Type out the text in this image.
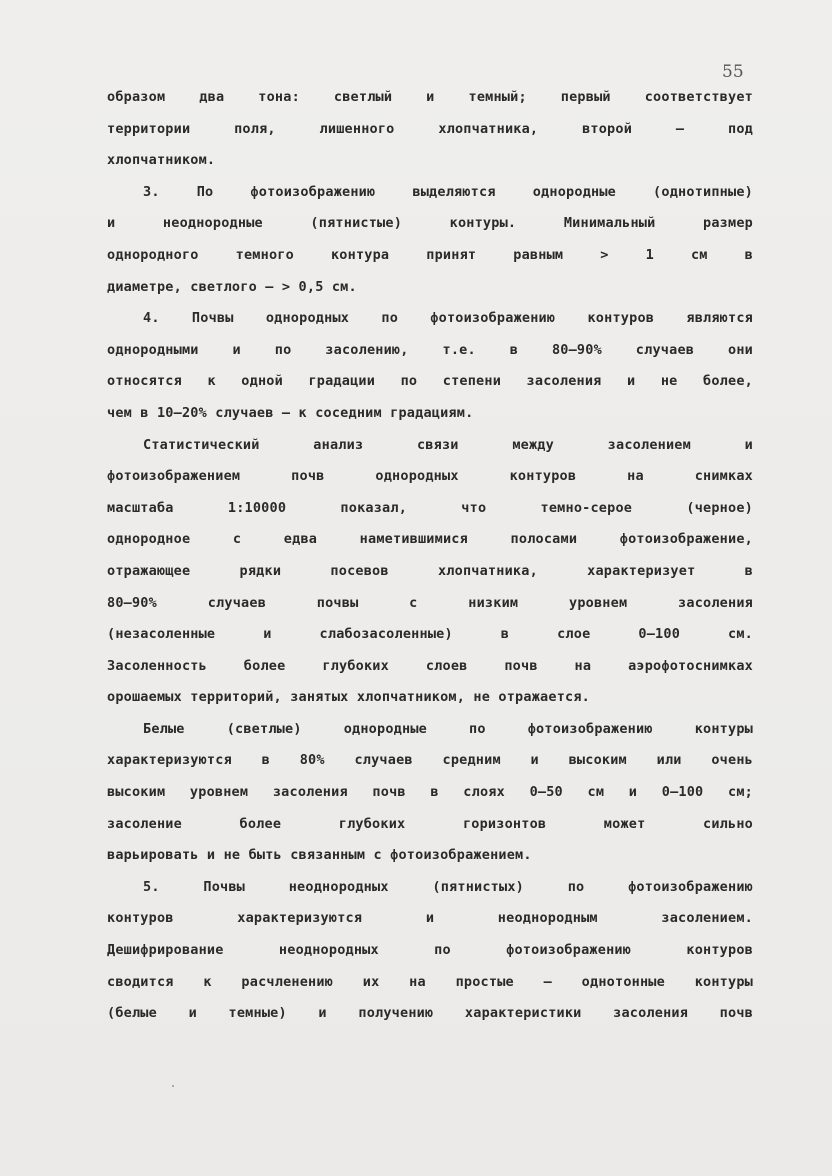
55
образом два тона: светлый и темный; первый соответствует
территории поля, лишенного хлопчатника, второй – под
хлопчатником.
3. По фотоизображению выделяются однородные (однотипные)
и неоднородные (пятнистые) контуры. Минимальный размер
однородного темного контура принят равным > 1 см в
диаметре, светлого – > 0,5 см.
4. Почвы однородных по фотоизображению контуров являются
однородными и по засолению, т.е. в 80–90% случаев они
относятся к одной градации по степени засоления и не более,
чем в 10–20% случаев – к соседним градациям.
Статистический анализ связи между засолением и
фотоизображением почв однородных контуров на снимках
масштаба 1:10000 показал, что темно-серое (черное)
однородное с едва наметившимися полосами фотоизображение,
отражающее рядки посевов хлопчатника, характеризует в
80–90% случаев почвы с низким уровнем засоления
(незасоленные и слабозасоленные) в слое 0–100 см.
Засоленность более глубоких слоев почв на аэрофотоснимках
орошаемых территорий, занятых хлопчатником, не отражается.
Белые (светлые) однородные по фотоизображению контуры
характеризуются в 80% случаев средним и высоким или очень
высоким уровнем засоления почв в слоях 0–50 см и 0–100 см;
засоление более глубоких горизонтов может сильно
варьировать и не быть связанным с фотоизображением.
5. Почвы неоднородных (пятнистых) по фотоизображению
контуров характеризуются и неоднородным засолением.
Дешифрирование неоднородных по фотоизображению контуров
сводится к расчленению их на простые – однотонные контуры
(белые и темные) и получению характеристики засоления почв
